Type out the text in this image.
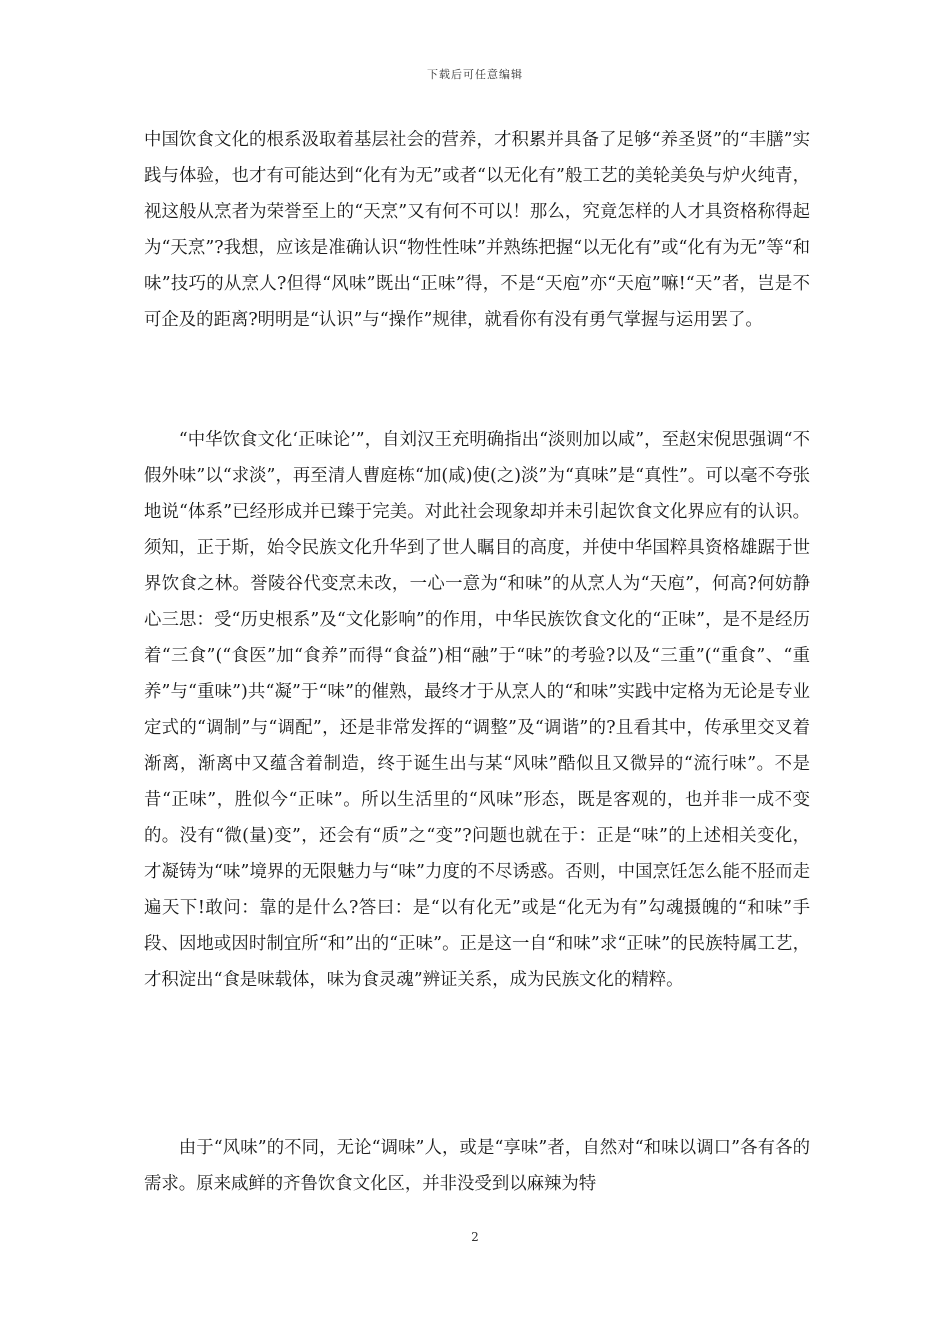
下载后可任意编辑

中国饮食文化的根系汲取着基层社会的营养，才积累并具备了足够“养圣贤”的“丰膳”实践与体验，也才有可能达到“化有为无”或者“以无化有”般工艺的美轮美奂与炉火纯青，视这般从烹者为荣誉至上的“天烹”又有何不可以！那么，究竟怎样的人才具资格称得起为“天烹”?我想，应该是准确认识“物性性味”并熟练把握“以无化有”或“化有为无”等“和味”技巧的从烹人?但得“风味”既出“正味”得，不是“天庖”亦“天庖”嘛!“天”者，岂是不可企及的距离?明明是“认识”与“操作”规律，就看你有没有勇气掌握与运用罢了。

“中华饮食文化‘正味论’”，自刘汉王充明确指出“淡则加以咸”，至赵宋倪思强调“不假外味”以“求淡”，再至清人曹庭栋“加(咸)使(之)淡”为“真味”是“真性”。可以毫不夸张地说“体系”已经形成并已臻于完美。对此社会现象却并未引起饮食文化界应有的认识。须知，正于斯，始令民族文化升华到了世人瞩目的高度，并使中华国粹具资格雄踞于世界饮食之林。誉陵谷代变烹未改，一心一意为“和味”的从烹人为“天庖”，何高?何妨静心三思：受“历史根系”及“文化影响”的作用，中华民族饮食文化的“正味”，是不是经历着“三食”(“食医”加“食养”而得“食益”)相“融”于“味”的考验?以及“三重”(“重食”、“重养”与“重味”)共“凝”于“味”的催熟，最终才于从烹人的“和味”实践中定格为无论是专业定式的“调制”与“调配”，还是非常发挥的“调整”及“调谐”的?且看其中，传承里交叉着渐离，渐离中又蕴含着制造，终于诞生出与某“风味”酷似且又微异的“流行味”。不是昔“正味”，胜似今“正味”。所以生活里的“风味”形态，既是客观的，也并非一成不变的。没有“微(量)变”，还会有“质”之“变”?问题也就在于：正是“味”的上述相关变化，才凝铸为“味”境界的无限魅力与“味”力度的不尽诱惑。否则，中国烹饪怎么能不胫而走遍天下!敢问：靠的是什么?答曰：是“以有化无”或是“化无为有”勾魂摄魄的“和味”手段、因地或因时制宜所“和”出的“正味”。正是这一自“和味”求“正味”的民族特属工艺，才积淀出“食是味载体，味为食灵魂”辨证关系，成为民族文化的精粹。

由于“风味”的不同，无论“调味”人，或是“享味”者，自然对“和味以调口”各有各的需求。原来咸鲜的齐鲁饮食文化区，并非没受到以麻辣为特

2
